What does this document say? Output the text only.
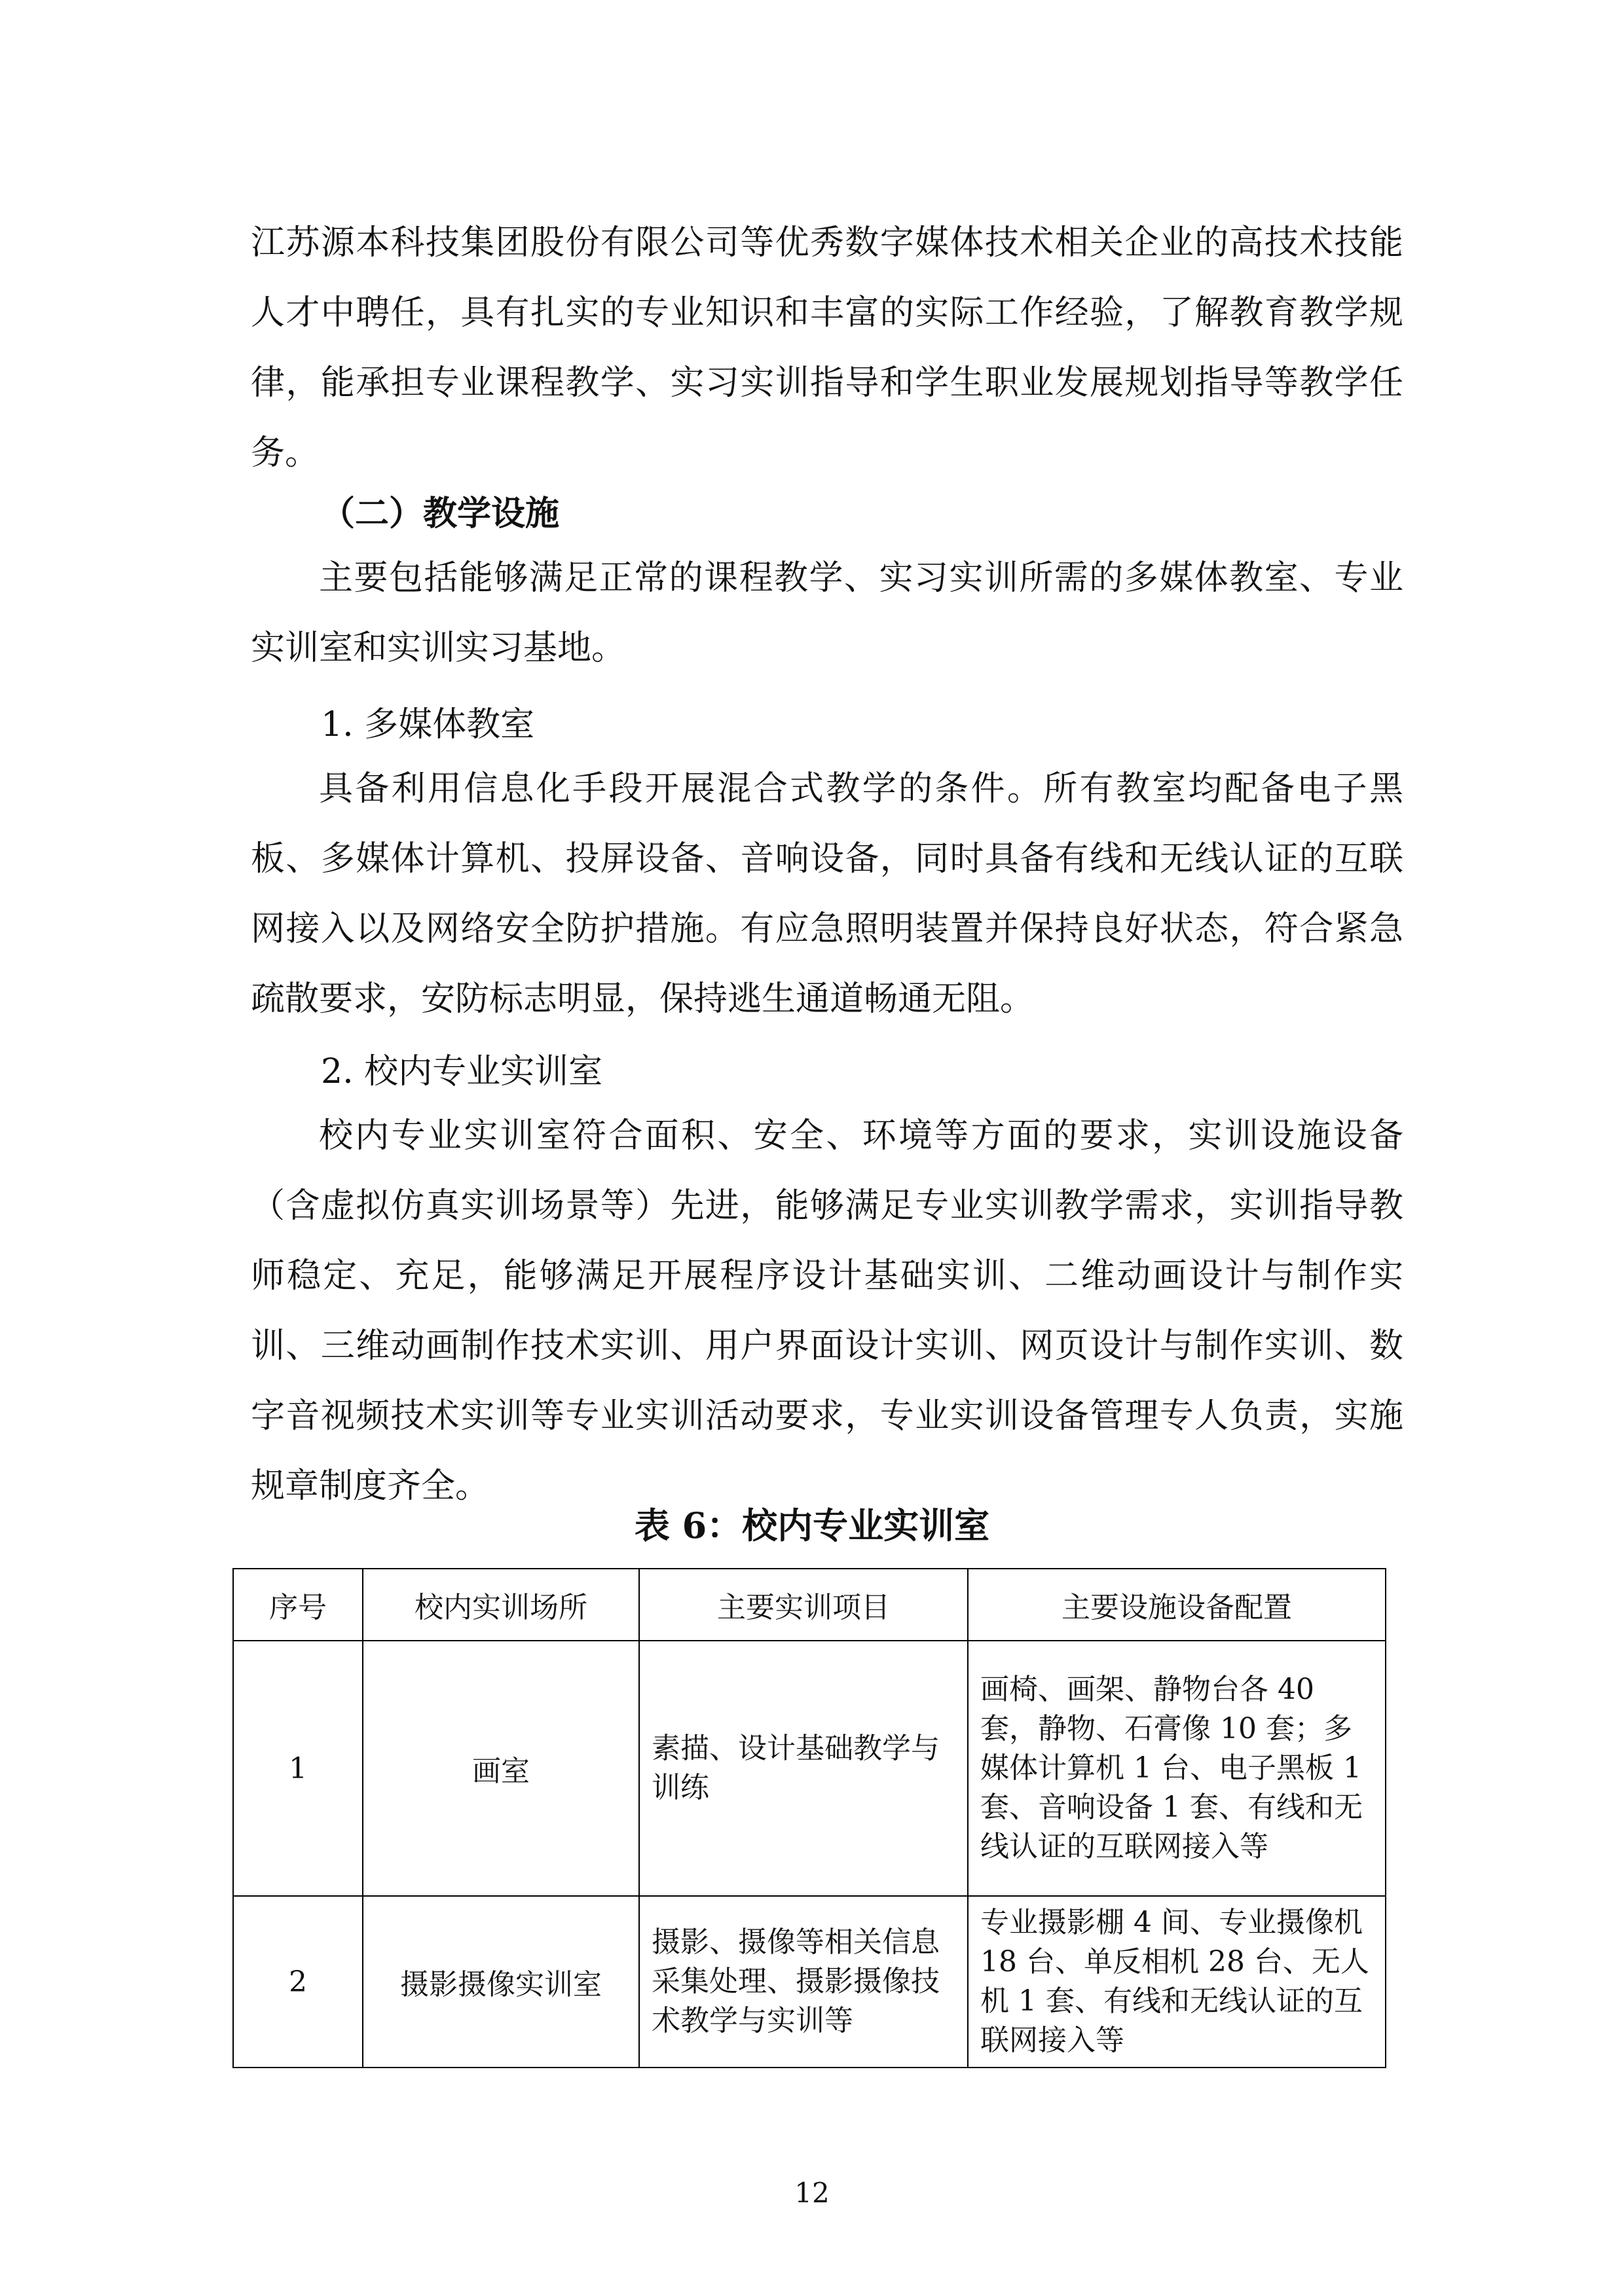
江苏源本科技集团股份有限公司等优秀数字媒体技术相关企业的高技术技能人才中聘任，具有扎实的专业知识和丰富的实际工作经验，了解教育教学规律，能承担专业课程教学、实习实训指导和学生职业发展规划指导等教学任务。

（二）教学设施

主要包括能够满足正常的课程教学、实习实训所需的多媒体教室、专业实训室和实训实习基地。

1. 多媒体教室

具备利用信息化手段开展混合式教学的条件。所有教室均配备电子黑板、多媒体计算机、投屏设备、音响设备，同时具备有线和无线认证的互联网接入以及网络安全防护措施。有应急照明装置并保持良好状态，符合紧急疏散要求，安防标志明显，保持逃生通道畅通无阻。

2. 校内专业实训室

校内专业实训室符合面积、安全、环境等方面的要求，实训设施设备（含虚拟仿真实训场景等）先进，能够满足专业实训教学需求，实训指导教师稳定、充足，能够满足开展程序设计基础实训、二维动画设计与制作实训、三维动画制作技术实训、用户界面设计实训、网页设计与制作实训、数字音视频技术实训等专业实训活动要求，专业实训设备管理专人负责，实施规章制度齐全。

表 6：校内专业实训室

序号	校内实训场所	主要实训项目	主要设施设备配置
1	画室	素描、设计基础教学与训练	画椅、画架、静物台各 40 套，静物、石膏像 10 套；多媒体计算机 1 台、电子黑板 1 套、音响设备 1 套、有线和无线认证的互联网接入等
2	摄影摄像实训室	摄影、摄像等相关信息采集处理、摄影摄像技术教学与实训等	专业摄影棚 4 间、专业摄像机 18 台、单反相机 28 台、无人机 1 套、有线和无线认证的互联网接入等

12
